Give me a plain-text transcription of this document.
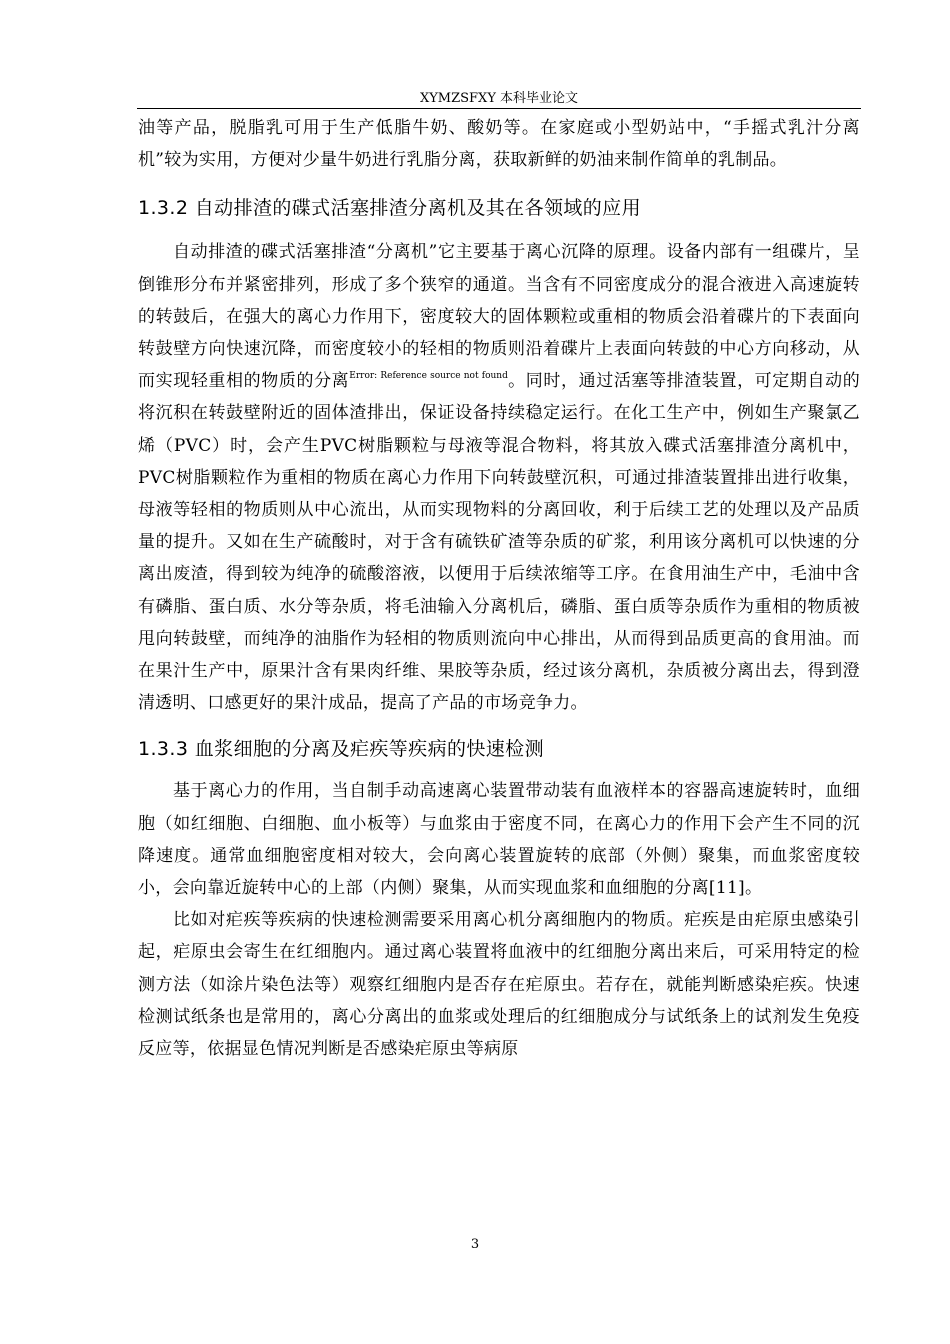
XYMZSFXY 本科毕业论文

油等产品，脱脂乳可用于生产低脂牛奶、酸奶等。在家庭或小型奶站中，“手摇式乳汁分离机”较为实用，方便对少量牛奶进行乳脂分离，获取新鲜的奶油来制作简单的乳制品。

1.3.2 自动排渣的碟式活塞排渣分离机及其在各领域的应用

自动排渣的碟式活塞排渣“分离机”它主要基于离心沉降的原理。设备内部有一组碟片，呈倒锥形分布并紧密排列，形成了多个狭窄的通道。当含有不同密度成分的混合液进入高速旋转的转鼓后，在强大的离心力作用下，密度较大的固体颗粒或重相的物质会沿着碟片的下表面向转鼓壁方向快速沉降，而密度较小的轻相的物质则沿着碟片上表面向转鼓的中心方向移动，从而实现轻重相的物质的分离$^{Error: Reference source not found}$。同时，通过活塞等排渣装置，可定期自动的将沉积在转鼓壁附近的固体渣排出，保证设备持续稳定运行。在化工生产中，例如生产聚氯乙烯（PVC）时，会产生PVC树脂颗粒与母液等混合物料，将其放入碟式活塞排渣分离机中，PVC树脂颗粒作为重相的物质在离心力作用下向转鼓壁沉积，可通过排渣装置排出进行收集，母液等轻相的物质则从中心流出，从而实现物料的分离回收，利于后续工艺的处理以及产品质量的提升。又如在生产硫酸时，对于含有硫铁矿渣等杂质的矿浆，利用该分离机可以快速的分离出废渣，得到较为纯净的硫酸溶液，以便用于后续浓缩等工序。在食用油生产中，毛油中含有磷脂、蛋白质、水分等杂质，将毛油输入分离机后，磷脂、蛋白质等杂质作为重相的物质被甩向转鼓壁，而纯净的油脂作为轻相的物质则流向中心排出，从而得到品质更高的食用油。而在果汁生产中，原果汁含有果肉纤维、果胶等杂质，经过该分离机，杂质被分离出去，得到澄清透明、口感更好的果汁成品，提高了产品的市场竞争力。

1.3.3 血浆细胞的分离及疟疾等疾病的快速检测

基于离心力的作用，当自制手动高速离心装置带动装有血液样本的容器高速旋转时，血细胞（如红细胞、白细胞、血小板等）与血浆由于密度不同，在离心力的作用下会产生不同的沉降速度。通常血细胞密度相对较大，会向离心装置旋转的底部（外侧）聚集，而血浆密度较小，会向靠近旋转中心的上部（内侧）聚集，从而实现血浆和血细胞的分离[11]。

比如对疟疾等疾病的快速检测需要采用离心机分离细胞内的物质。疟疾是由疟原虫感染引起，疟原虫会寄生在红细胞内。通过离心装置将血液中的红细胞分离出来后，可采用特定的检测方法（如涂片染色法等）观察红细胞内是否存在疟原虫。若存在，就能判断感染疟疾。快速检测试纸条也是常用的，离心分离出的血浆或处理后的红细胞成分与试纸条上的试剂发生免疫反应等，依据显色情况判断是否感染疟原虫等病原

3
